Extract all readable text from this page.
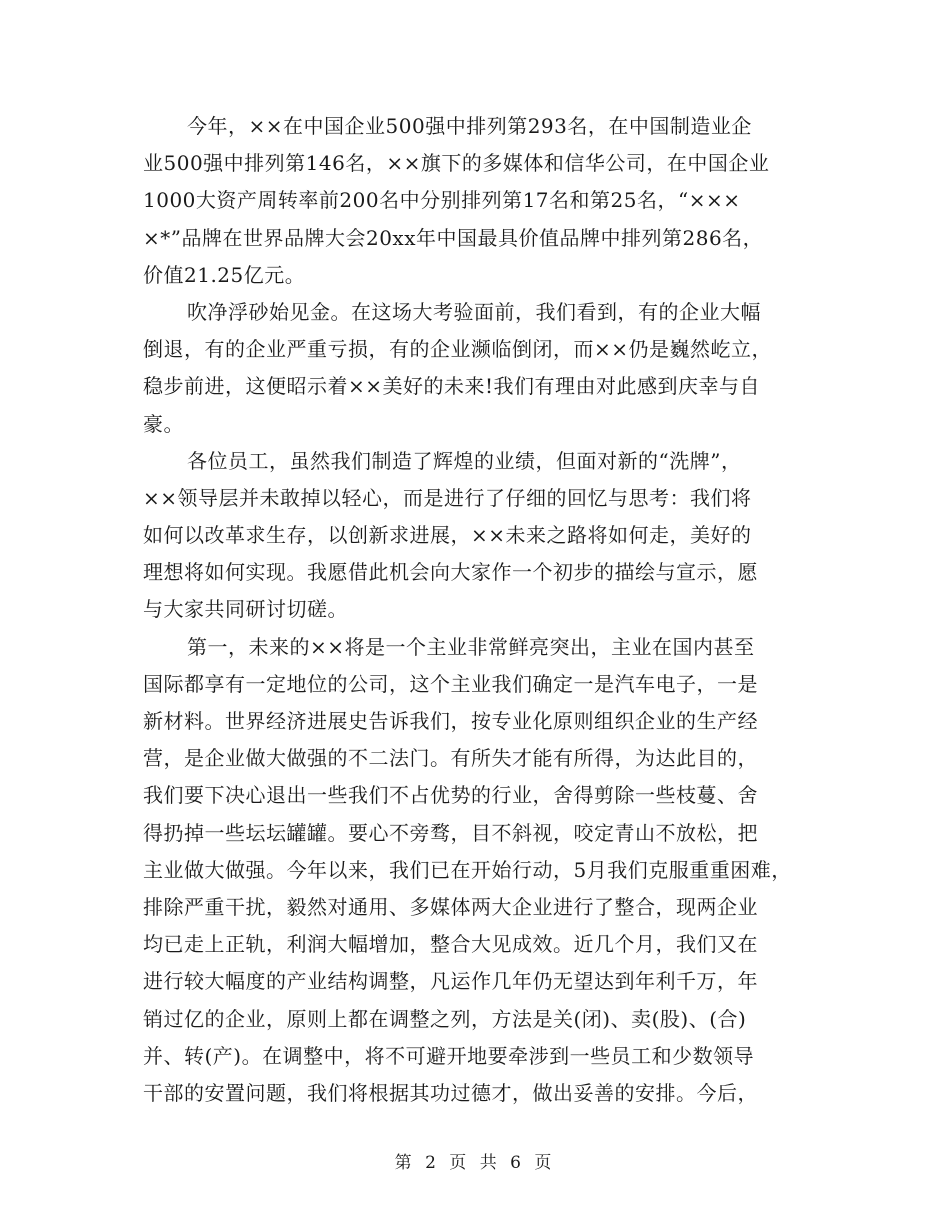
今年，××在中国企业500强中排列第293名，在中国制造业企
业500强中排列第146名，××旗下的多媒体和信华公司，在中国企业
1000大资产周转率前200名中分别排列第17名和第25名，“×××
×*”品牌在世界品牌大会20xx年中国最具价值品牌中排列第286名，
价值21.25亿元。
吹净浮砂始见金。在这场大考验面前，我们看到，有的企业大幅
倒退，有的企业严重亏损，有的企业濒临倒闭，而××仍是巍然屹立，
稳步前进，这便昭示着××美好的未来!我们有理由对此感到庆幸与自
豪。
各位员工，虽然我们制造了辉煌的业绩，但面对新的“洗牌”，
××领导层并未敢掉以轻心，而是进行了仔细的回忆与思考：我们将
如何以改革求生存，以创新求进展，××未来之路将如何走，美好的
理想将如何实现。我愿借此机会向大家作一个初步的描绘与宣示，愿
与大家共同研讨切磋。
第一，未来的××将是一个主业非常鲜亮突出，主业在国内甚至
国际都享有一定地位的公司，这个主业我们确定一是汽车电子，一是
新材料。世界经济进展史告诉我们，按专业化原则组织企业的生产经
营，是企业做大做强的不二法门。有所失才能有所得，为达此目的，
我们要下决心退出一些我们不占优势的行业，舍得剪除一些枝蔓、舍
得扔掉一些坛坛罐罐。要心不旁骛，目不斜视，咬定青山不放松，把
主业做大做强。今年以来，我们已在开始行动，5月我们克服重重困难，
排除严重干扰，毅然对通用、多媒体两大企业进行了整合，现两企业
均已走上正轨，利润大幅增加，整合大见成效。近几个月，我们又在
进行较大幅度的产业结构调整，凡运作几年仍无望达到年利千万，年
销过亿的企业，原则上都在调整之列，方法是关(闭)、卖(股)、(合)
并、转(产)。在调整中，将不可避开地要牵涉到一些员工和少数领导
干部的安置问题，我们将根据其功过德才，做出妥善的安排。今后，
第 2 页 共 6 页
